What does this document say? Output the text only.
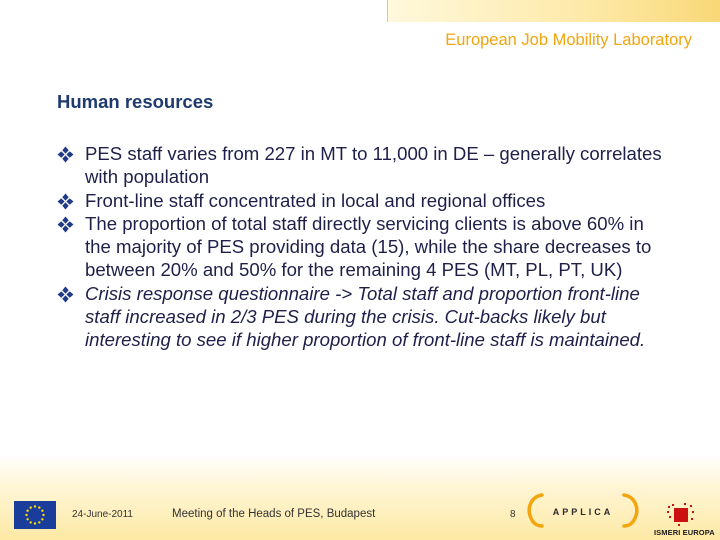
European Job Mobility Laboratory
Human resources
PES staff varies from 227 in MT to 11,000 in DE – generally correlates with population
Front-line staff concentrated in local and regional offices
The proportion of total staff directly servicing clients is above 60% in the majority of PES providing data (15), while the share decreases to between 20% and 50% for the remaining 4 PES (MT, PL, PT, UK)
Crisis response questionnaire -> Total staff and proportion front-line staff increased in 2/3 PES during the crisis. Cut-backs likely but interesting to see if higher proportion of front-line staff is maintained.
24-June-2011	Meeting of the Heads of PES, Budapest	8	APPLICA
ISMERI EUROPA
